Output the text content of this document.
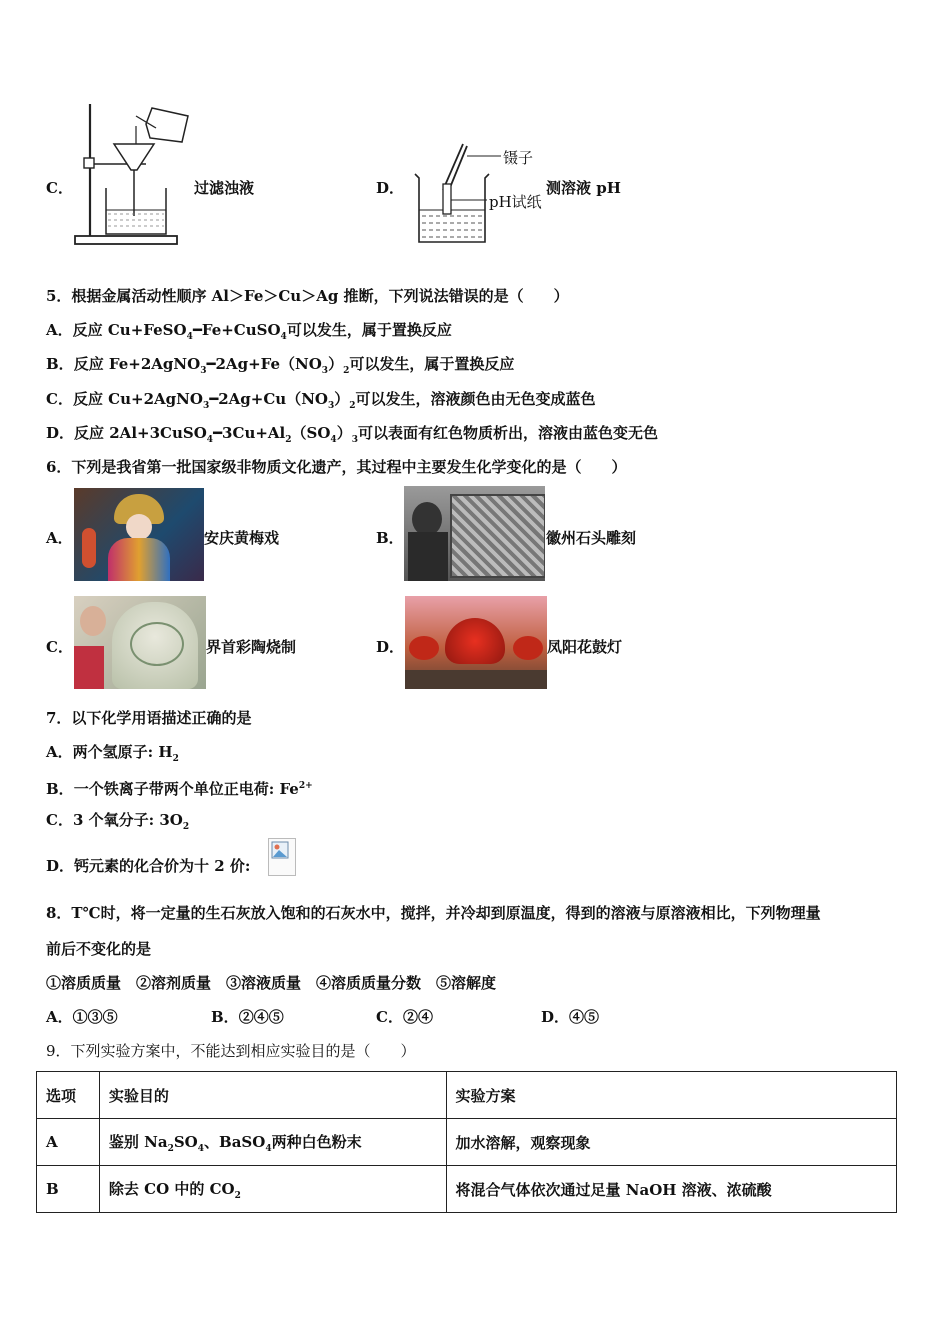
C．	过滤浊液	D．
镊子
pH试纸
测溶液 pH
5．根据金属活动性顺序 Al＞Fe＞Cu＞Ag 推断，下列说法错误的是（　　）
A．反应 Cu+FeSO$_4$━Fe+CuSO$_4$可以发生，属于置换反应
B．反应 $Fe+2AgNO_3━2Ag+Fe(NO_3)_2$可以发生，属于置换反应
C．反应 $Cu+2AgNO_3━2Ag+Cu(NO_3)_2$可以发生，溶液颜色由无色变成蓝色
D．反应 $2Al+3CuSO_4━3Cu+Al_2(SO_4)_3$可以表面有红色物质析出，溶液由蓝色变无色
6．下列是我省第一批国家级非物质文化遗产，其过程中主要发生化学变化的是（　　）
A．	安庆黄梅戏	B．	徽州石头雕刻
C．	界首彩陶烧制	D．	凤阳花鼓灯
7．以下化学用语描述正确的是
A．两个氢原子: $H_2$
B．一个铁离子带两个单位正电荷: $Fe^{2+}$
C．3 个氧分子: $3O_2$
D．钙元素的化合价为十 2 价:
8．T℃时，将一定量的生石灰放入饱和的石灰水中，搅拌，并冷却到原温度，得到的溶液与原溶液相比，下列物理量
前后不变化的是
①溶质质量　②溶剂质量　③溶液质量　④溶质质量分数　⑤溶解度
A．①③⑤	B．②④⑤	C．②④	D．④⑤
9．下列实验方案中，不能达到相应实验目的是（　　）
选项	实验目的	实验方案
A	鉴别 $Na_2SO_4$、BaSO$_4$两种白色粉末	加水溶解，观察现象
B	除去 CO 中的 $CO_2$	将混合气体依次通过足量 NaOH 溶液、浓硫酸
